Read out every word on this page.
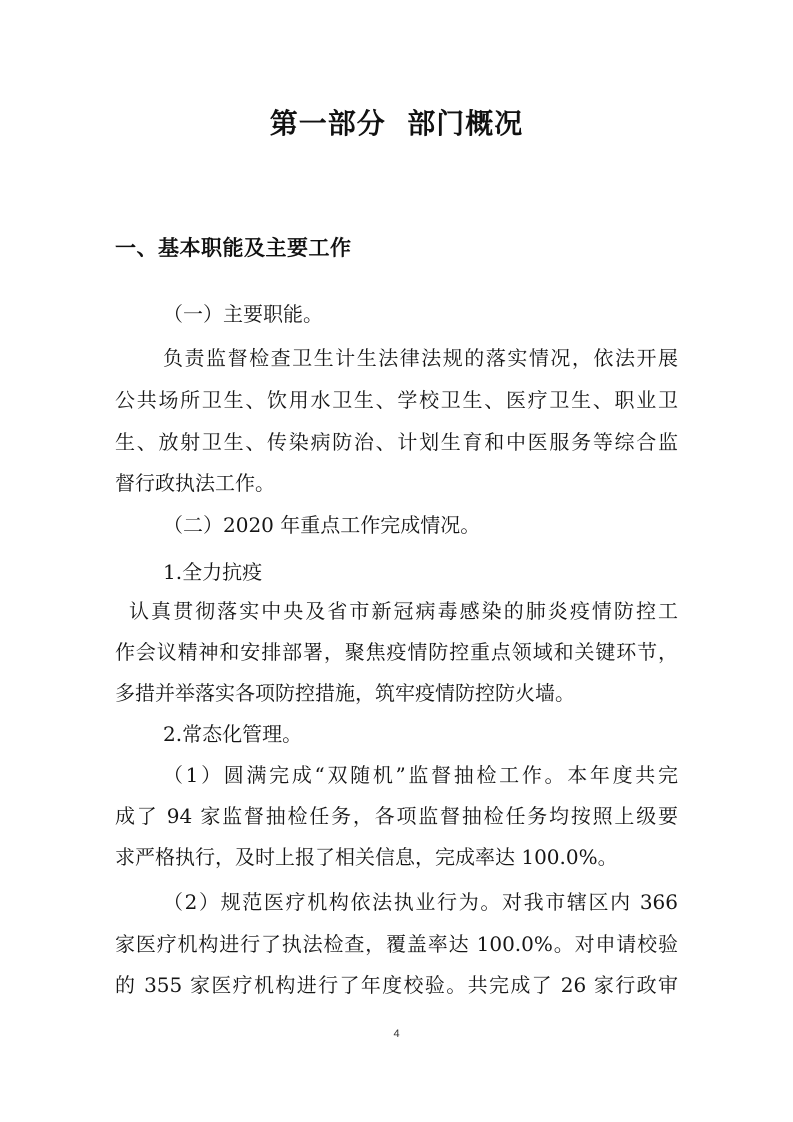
第一部分  部门概况
一、基本职能及主要工作
（一）主要职能。
负责监督检查卫生计生法律法规的落实情况，依法开展
公共场所卫生、饮用水卫生、学校卫生、医疗卫生、职业卫
生、放射卫生、传染病防治、计划生育和中医服务等综合监
督行政执法工作。
（二）2020 年重点工作完成情况。
1.全力抗疫
认真贯彻落实中央及省市新冠病毒感染的肺炎疫情防控工
作会议精神和安排部署，聚焦疫情防控重点领域和关键环节，
多措并举落实各项防控措施，筑牢疫情防控防火墙。
2.常态化管理。
（1）圆满完成“双随机”监督抽检工作。本年度共完
成了 94 家监督抽检任务，各项监督抽检任务均按照上级要
求严格执行，及时上报了相关信息，完成率达 100.0%。
（2）规范医疗机构依法执业行为。对我市辖区内 366
家医疗机构进行了执法检查，覆盖率达 100.0%。对申请校验
的 355 家医疗机构进行了年度校验。共完成了 26 家行政审
4
